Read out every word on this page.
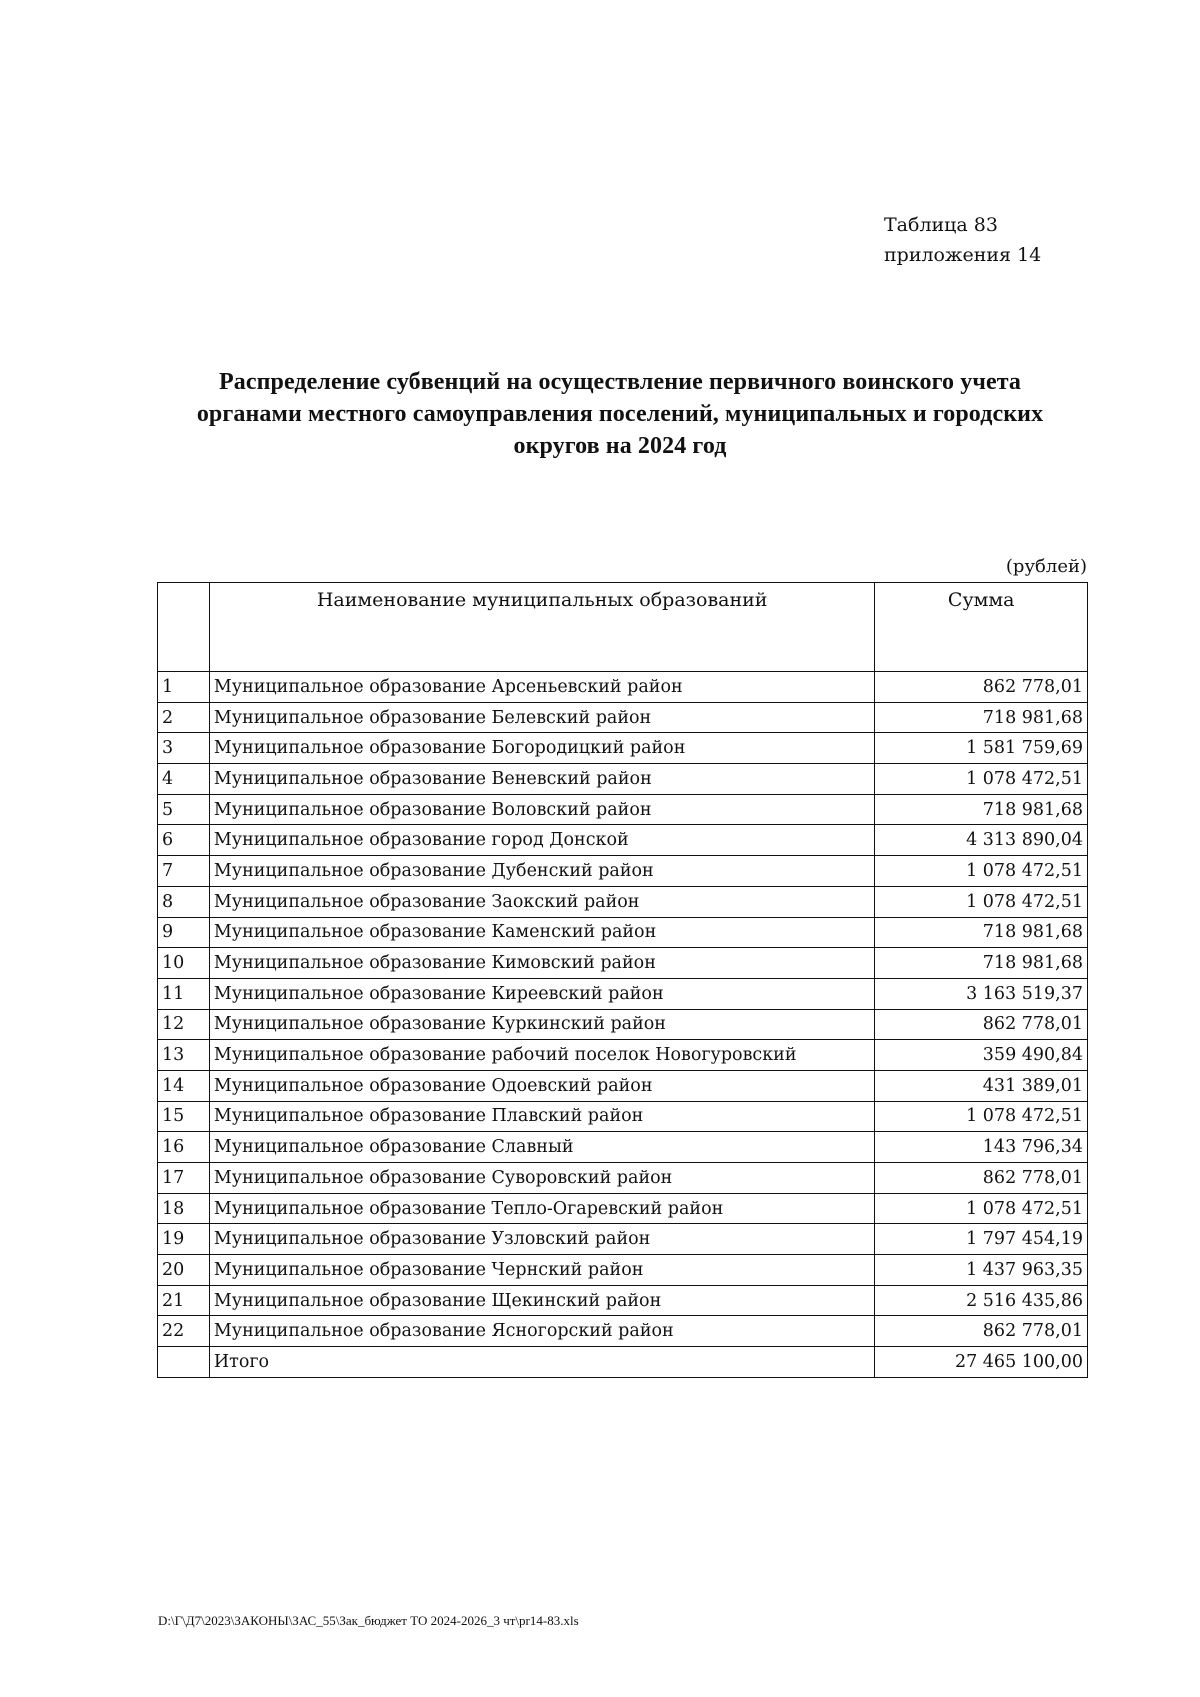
Таблица 83
приложения 14
Распределение субвенций на осуществление первичного воинского учета
органами местного самоуправления поселений, муниципальных и городских
округов на 2024 год
(рублей)
	Наименование муниципальных образований	Сумма
1	Муниципальное образование Арсеньевский район	862 778,01
2	Муниципальное образование Белевский район	718 981,68
3	Муниципальное образование Богородицкий район	1 581 759,69
4	Муниципальное образование Веневский район	1 078 472,51
5	Муниципальное образование Воловский район	718 981,68
6	Муниципальное образование город Донской	4 313 890,04
7	Муниципальное образование Дубенский район	1 078 472,51
8	Муниципальное образование Заокский район	1 078 472,51
9	Муниципальное образование Каменский район	718 981,68
10	Муниципальное образование Кимовский район	718 981,68
11	Муниципальное образование Киреевский район	3 163 519,37
12	Муниципальное образование Куркинский район	862 778,01
13	Муниципальное образование рабочий поселок Новогуровский	359 490,84
14	Муниципальное образование Одоевский район	431 389,01
15	Муниципальное образование Плавский район	1 078 472,51
16	Муниципальное образование Славный	143 796,34
17	Муниципальное образование Суворовский район	862 778,01
18	Муниципальное образование Тепло-Огаревский район	1 078 472,51
19	Муниципальное образование Узловский район	1 797 454,19
20	Муниципальное образование Чернский район	1 437 963,35
21	Муниципальное образование Щекинский район	2 516 435,86
22	Муниципальное образование Ясногорский район	862 778,01
	Итого	27 465 100,00
D:\Г\Д7\2023\ЗАКОНЫ\ЗАС_55\Зак_бюджет ТО 2024-2026_3 чт\pr14-83.xls
